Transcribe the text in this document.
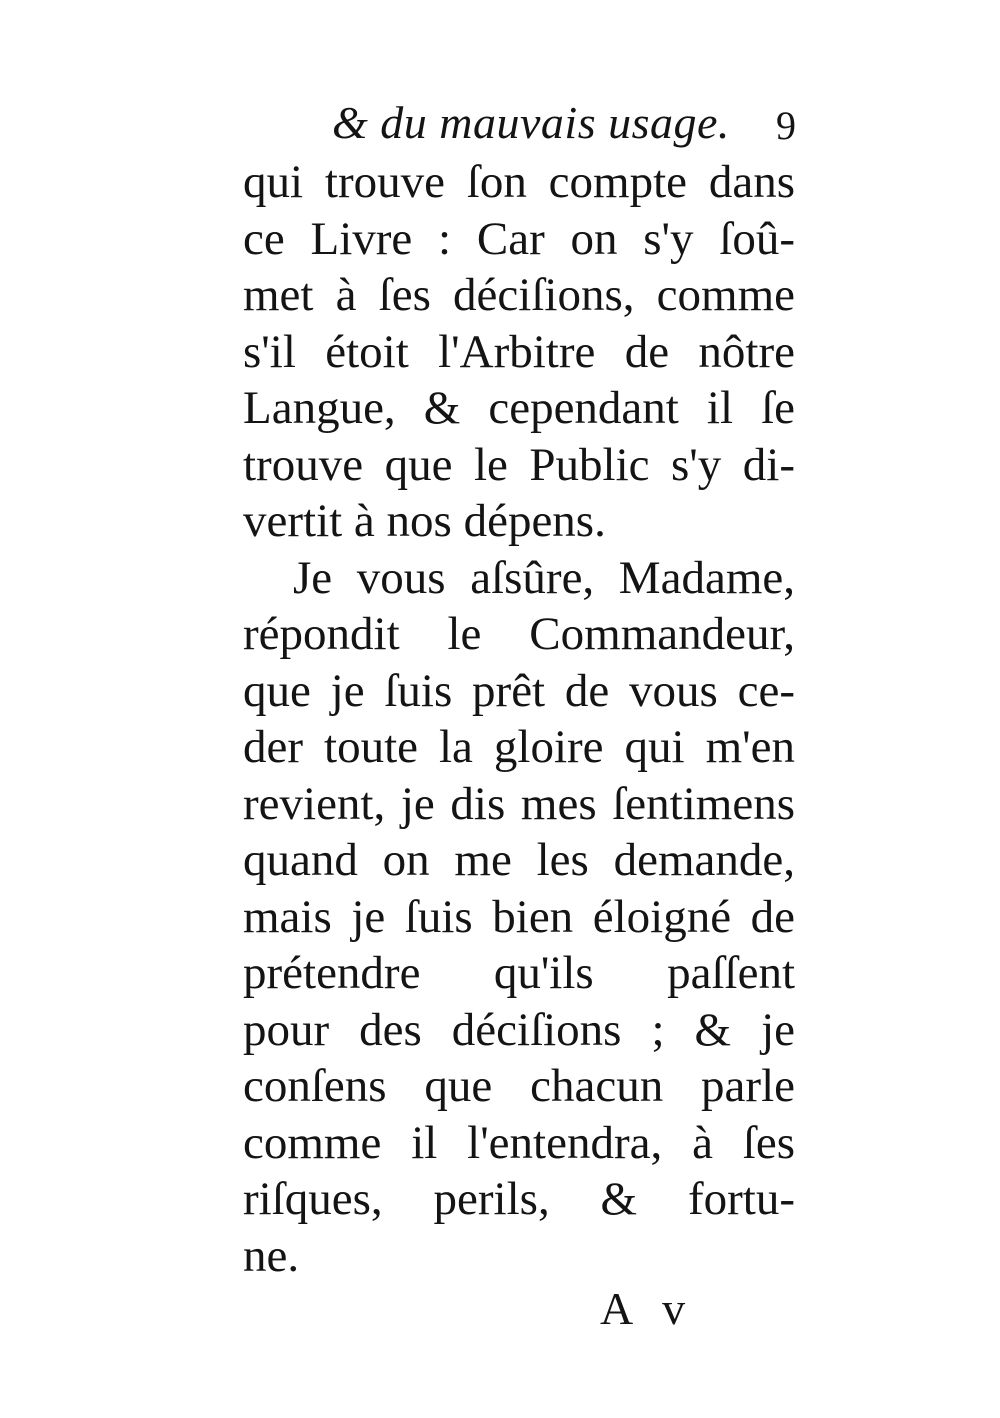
& du mauvais usage. 9
qui trouve ſon compte dans
ce Livre : Car on s'y ſoû-
met à ſes déciſions, comme
s'il étoit l'Arbitre de nôtre
Langue, & cependant il ſe
trouve que le Public s'y di-
vertit à nos dépens.
Je vous aſsûre, Madame,
répondit le Commandeur,
que je ſuis prêt de vous ce-
der toute la gloire qui m'en
revient, je dis mes ſentimens
quand on me les demande,
mais je ſuis bien éloigné de
prétendre qu'ils paſſent
pour des déciſions ; & je
conſens que chacun parle
comme il l'entendra, à ſes
riſques, perils, & fortu-
ne.
A v
